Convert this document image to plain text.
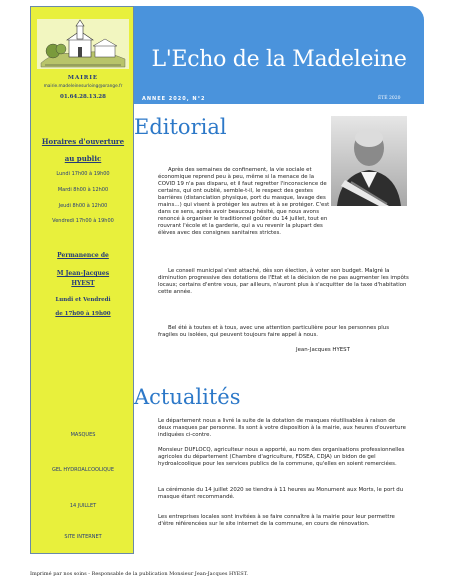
MAIRIE
mairie.madeleinesurloing@orange.fr
01.64.28.13.28
Horaires d'ouverture
au public
Lundi 17h00 à 19h00
Mardi 8h00 à 12h00
Jeudi 8h00 à 12h00
Vendredi 17h00 à 19h00
Permanence de
M Jean-Jacques
HYEST
Lundi et Vendredi
de 17h00 à 19h00
MASQUES
GEL HYDROALCOOLIQUE
14 JUILLET
SITE INTERNET
L'Echo de la Madeleine
ANNEE 2020, N°2	ÉTÉ 2020
Editorial
Après des semaines de confinement, la vie sociale et économique reprend peu à peu, même si la menace de la COVID 19 n'a pas disparu, et il faut regretter l'inconscience de certains, qui ont oublié, semble-t-il, le respect des gestes barrières (distanciation physique, port du masque, lavage des mains…) qui visent à protéger les autres et à se protéger. C'est dans ce sens, après avoir beaucoup hésité, que nous avons renoncé à organiser le traditionnel goûter du 14 juillet, tout en rouvrant l'école et la garderie, qui a vu revenir la plupart des élèves avec des consignes sanitaires strictes.
Le conseil municipal s'est attaché, dès son élection, à voter son budget. Malgré la diminution progressive des dotations de l'Etat et la décision de ne pas augmenter les impôts locaux; certains d'entre vous, par ailleurs, n'auront plus à s'acquitter de la taxe d'habitation cette année.
Bel été à toutes et à tous, avec une attention particulière pour les personnes plus fragiles ou isolées, qui peuvent toujours faire appel à nous.
Jean-Jacques HYEST
Actualités
Le département nous a livré la suite de la dotation de masques réutilisables à raison de deux masques par personne. Ils sont à votre disposition à la mairie, aux heures d'ouverture indiquées ci-contre.
Monsieur DUFLOCQ, agriculteur nous a apporté, au nom des organisations professionnelles agricoles du département (Chambre d'agriculture, FDSEA, CDJA) un bidon de gel hydroalcoolique pour les services publics de la commune, qu'elles en soient remerciées.
La cérémonie du 14 juillet 2020 se tiendra à 11 heures au Monument aux Morts, le port du masque étant recommandé.
Les entreprises locales sont invitées à se faire connaître à la mairie pour leur permettre d'être référencées sur le site internet de la commune, en cours de rénovation.
Imprimé par nos soins - Responsable de la publication Monsieur Jean-Jacques HYEST.
